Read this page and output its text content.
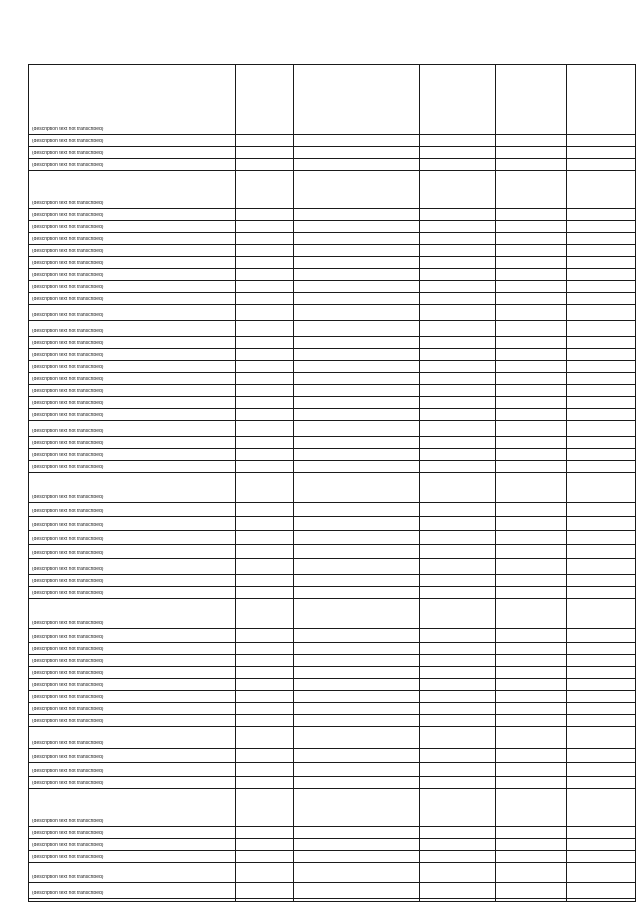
(description text not transcribed)
(description text not transcribed)
(description text not transcribed)
(description text not transcribed)
(description text not transcribed)
(description text not transcribed)
(description text not transcribed)
(description text not transcribed)
(description text not transcribed)
(description text not transcribed)
(description text not transcribed)
(description text not transcribed)
(description text not transcribed)
(description text not transcribed)
(description text not transcribed)
(description text not transcribed)
(description text not transcribed)
(description text not transcribed)
(description text not transcribed)
(description text not transcribed)
(description text not transcribed)
(description text not transcribed)
(description text not transcribed)
(description text not transcribed)
(description text not transcribed)
(description text not transcribed)
(description text not transcribed)
(description text not transcribed)
(description text not transcribed)
(description text not transcribed)
(description text not transcribed)
(description text not transcribed)
(description text not transcribed)
(description text not transcribed)
(description text not transcribed)
(description text not transcribed)
(description text not transcribed)
(description text not transcribed)
(description text not transcribed)
(description text not transcribed)
(description text not transcribed)
(description text not transcribed)
(description text not transcribed)
(description text not transcribed)
(description text not transcribed)
(description text not transcribed)
(description text not transcribed)
(description text not transcribed)
(description text not transcribed)
(description text not transcribed)
(description text not transcribed)
(description text not transcribed)
(description text not transcribed)
